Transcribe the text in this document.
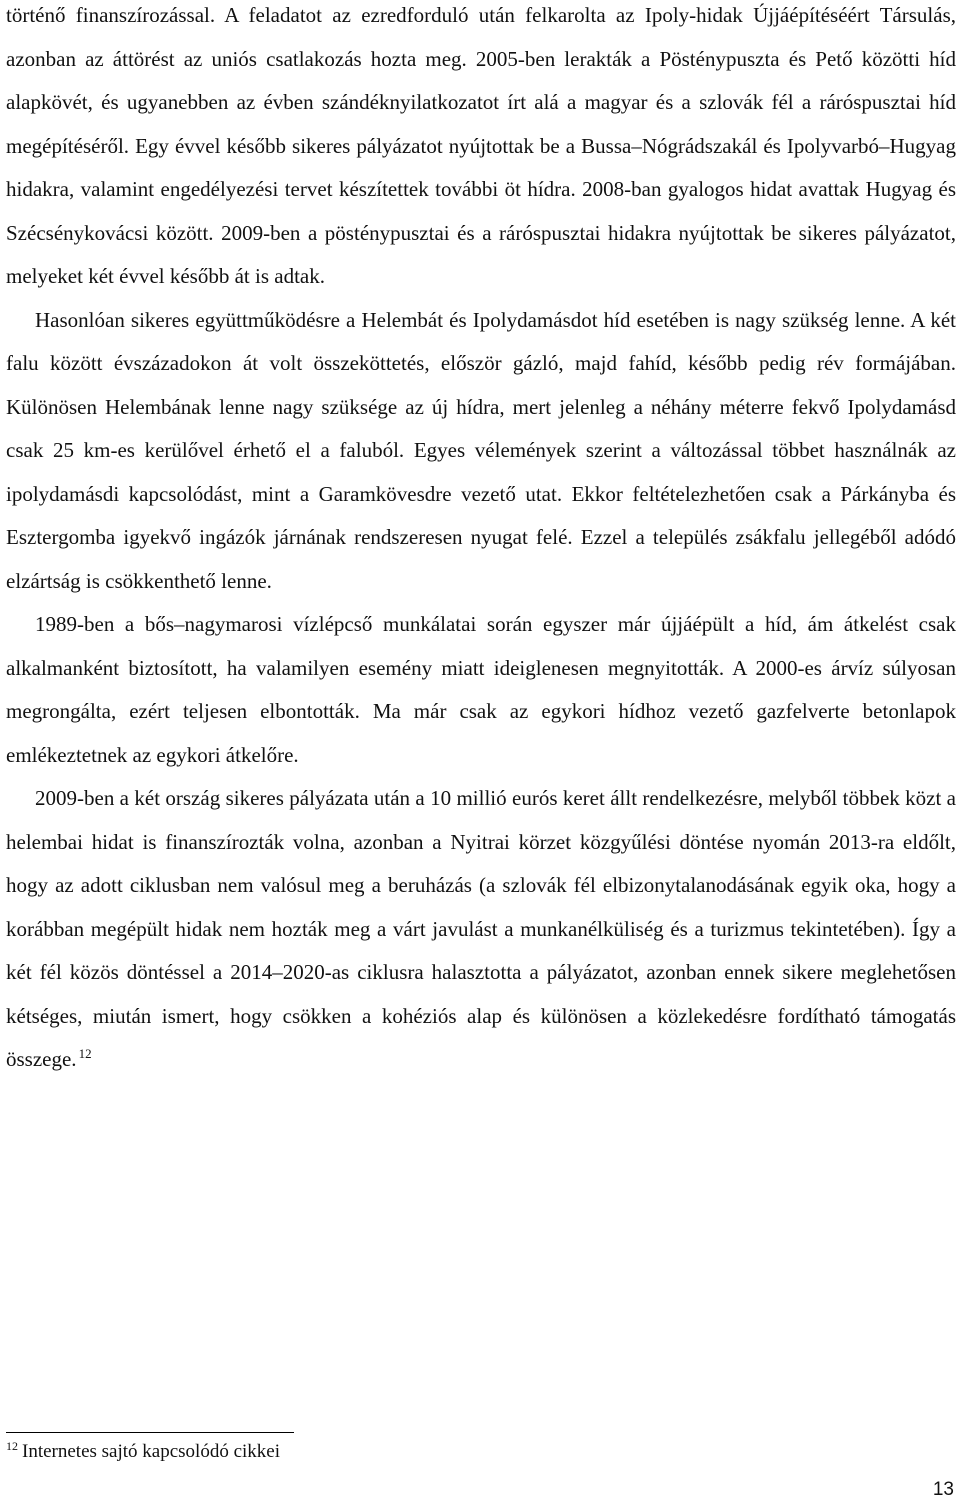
történő finanszírozással. A feladatot az ezredforduló után felkarolta az Ipoly-hidak Újjáépítéséért Társulás, azonban az áttörést az uniós csatlakozás hozta meg. 2005-ben lerakták a Pösténypuszta és Pető közötti híd alapkövét, és ugyanebben az évben szándéknyilatkozatot írt alá a magyar és a szlovák fél a ráróspusztai híd megépítéséről. Egy évvel később sikeres pályázatot nyújtottak be a Bussa–Nógrádszakál és Ipolyvarbó–Hugyag hidakra, valamint engedélyezési tervet készítettek további öt hídra. 2008-ban gyalogos hidat avattak Hugyag és Szécsénykovácsi között. 2009-ben a pösténypusztai és a ráróspusztai hidakra nyújtottak be sikeres pályázatot, melyeket két évvel később át is adtak.

Hasonlóan sikeres együttműködésre a Helembát és Ipolydamásdot híd esetében is nagy szükség lenne. A két falu között évszázadokon át volt összeköttetés, először gázló, majd fahíd, később pedig rév formájában. Különösen Helembának lenne nagy szüksége az új hídra, mert jelenleg a néhány méterre fekvő Ipolydamásd csak 25 km-es kerülővel érhető el a faluból. Egyes vélemények szerint a változással többet használnák az ipolydamásdi kapcsolódást, mint a Garamkövesdre vezető utat. Ekkor feltételezhetően csak a Párkányba és Esztergomba igyekvő ingázók járnának rendszeresen nyugat felé. Ezzel a település zsákfalu jellegéből adódó elzártság is csökkenthető lenne.

1989-ben a bős–nagymarosi vízlépcső munkálatai során egyszer már újjáépült a híd, ám átkelést csak alkalmanként biztosított, ha valamilyen esemény miatt ideiglenesen megnyitották. A 2000-es árvíz súlyosan megrongálta, ezért teljesen elbontották. Ma már csak az egykori hídhoz vezető gazfelverte betonlapok emlékeztetnek az egykori átkelőre.

2009-ben a két ország sikeres pályázata után a 10 millió eurós keret állt rendelkezésre, melyből többek közt a helembai hidat is finanszírozták volna, azonban a Nyitrai körzet közgyűlési döntése nyomán 2013-ra eldőlt, hogy az adott ciklusban nem valósul meg a beruházás (a szlovák fél elbizonytalanodásának egyik oka, hogy a korábban megépült hidak nem hozták meg a várt javulást a munkanélküliség és a turizmus tekintetében). Így a két fél közös döntéssel a 2014–2020-as ciklusra halasztotta a pályázatot, azonban ennek sikere meglehetősen kétséges, miután ismert, hogy csökken a kohéziós alap és különösen a közlekedésre fordítható támogatás összege. $^{12}$

$^{12}$ Internetes sajtó kapcsolódó cikkei
13
